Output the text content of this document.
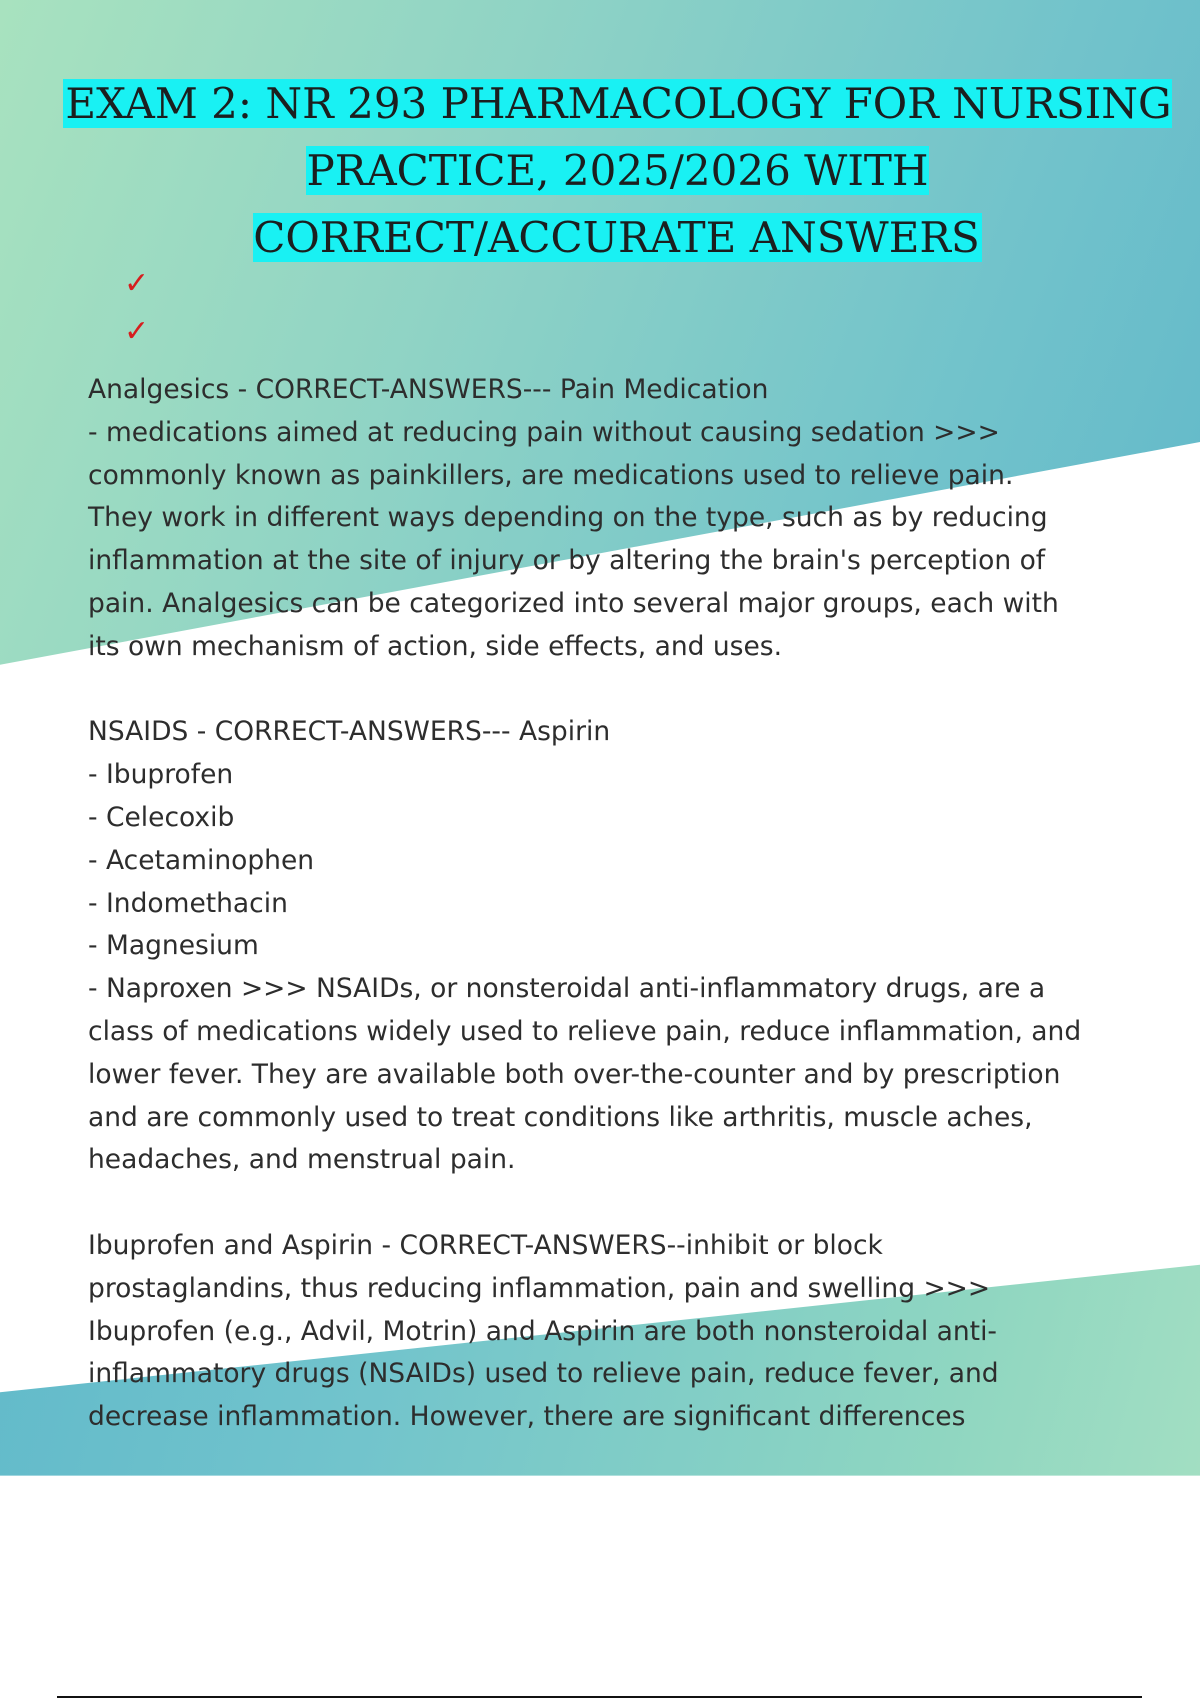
EXAM 2: NR 293 PHARMACOLOGY FOR NURSING PRACTICE, 2025/2026 WITH CORRECT/ACCURATE ANSWERS
✓
✓

Analgesics - CORRECT-ANSWERS--- Pain Medication
- medications aimed at reducing pain without causing sedation >>>
commonly known as painkillers, are medications used to relieve pain.
They work in different ways depending on the type, such as by reducing
inflammation at the site of injury or by altering the brain's perception of
pain. Analgesics can be categorized into several major groups, each with
its own mechanism of action, side effects, and uses.

NSAIDS - CORRECT-ANSWERS--- Aspirin
- Ibuprofen
- Celecoxib
- Acetaminophen
- Indomethacin
- Magnesium
- Naproxen >>> NSAIDs, or nonsteroidal anti-inflammatory drugs, are a
class of medications widely used to relieve pain, reduce inflammation, and
lower fever. They are available both over-the-counter and by prescription
and are commonly used to treat conditions like arthritis, muscle aches,
headaches, and menstrual pain.

Ibuprofen and Aspirin - CORRECT-ANSWERS--inhibit or block
prostaglandins, thus reducing inflammation, pain and swelling >>>
Ibuprofen (e.g., Advil, Motrin) and Aspirin are both nonsteroidal anti-
inflammatory drugs (NSAIDs) used to relieve pain, reduce fever, and
decrease inflammation. However, there are significant differences
